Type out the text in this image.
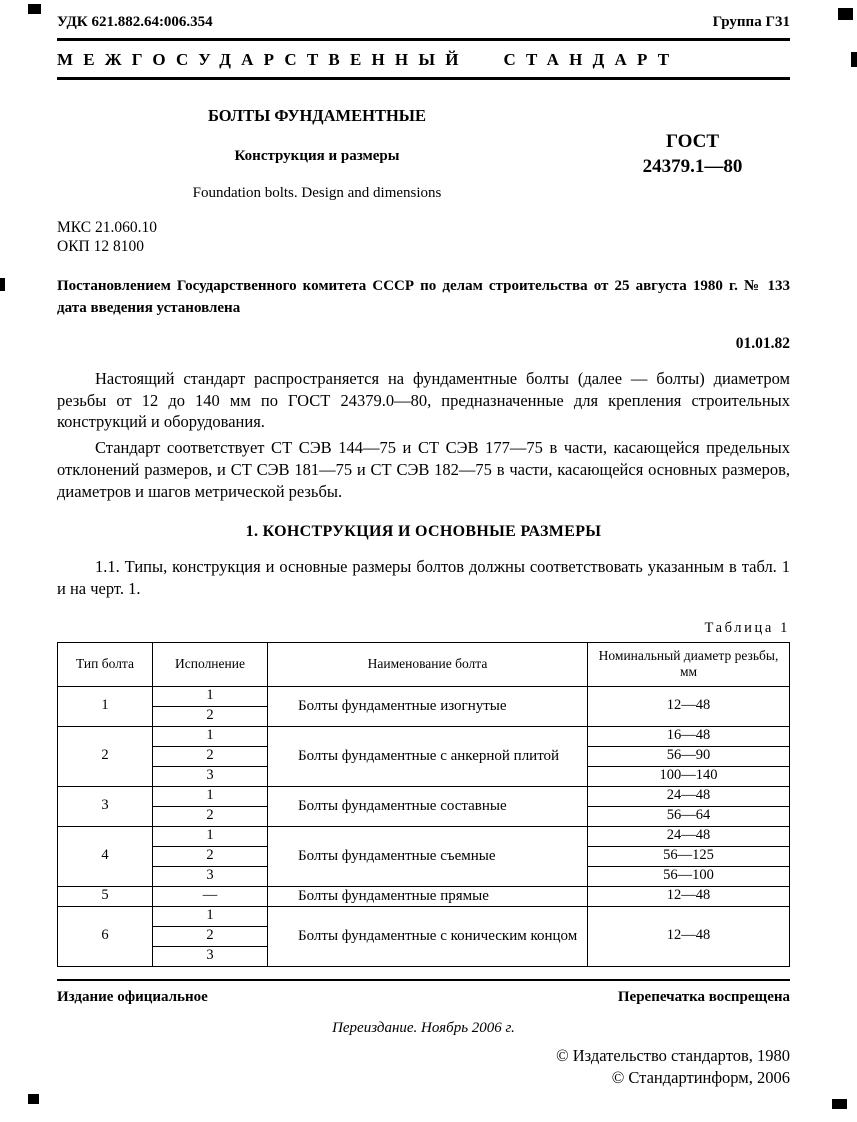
УДК 621.882.64:006.354	Группа Г31
МЕЖГОСУДАРСТВЕННЫЙ СТАНДАРТ
БОЛТЫ ФУНДАМЕНТНЫЕ
Конструкция и размеры
Foundation bolts. Design and dimensions
ГОСТ
24379.1—80
МКС 21.060.10
ОКП 12 8100

Постановлением Государственного комитета СССР по делам строительства от 25 августа 1980 г. № 133 дата введения установлена

01.01.82

Настоящий стандарт распространяется на фундаментные болты (далее — болты) диаметром резьбы от 12 до 140 мм по ГОСТ 24379.0—80, предназначенные для крепления строительных конструкций и оборудования.

Стандарт соответствует СТ СЭВ 144—75 и СТ СЭВ 177—75 в части, касающейся предельных отклонений размеров, и СТ СЭВ 181—75 и СТ СЭВ 182—75 в части, касающейся основных размеров, диаметров и шагов метрической резьбы.

1. КОНСТРУКЦИЯ И ОСНОВНЫЕ РАЗМЕРЫ

1.1. Типы, конструкция и основные размеры болтов должны соответствовать указанным в табл. 1 и на черт. 1.

Таблица 1
Тип болта	Исполнение	Наименование болта	Номинальный диаметр резьбы, мм
1	1	Болты фундаментные изогнутые	12—48
	2		
2	1	Болты фундаментные с анкерной плитой	16—48
	2		56—90
	3		100—140
3	1	Болты фундаментные составные	24—48
	2		56—64
4	1	Болты фундаментные съемные	24—48
	2		56—125
	3		56—100
5	—	Болты фундаментные прямые	12—48
6	1	Болты фундаментные с коническим концом	12—48
	2		
	3		
Издание официальное	Перепечатка воспрещена
Переиздание. Ноябрь 2006 г.
© Издательство стандартов, 1980
© Стандартинформ, 2006
